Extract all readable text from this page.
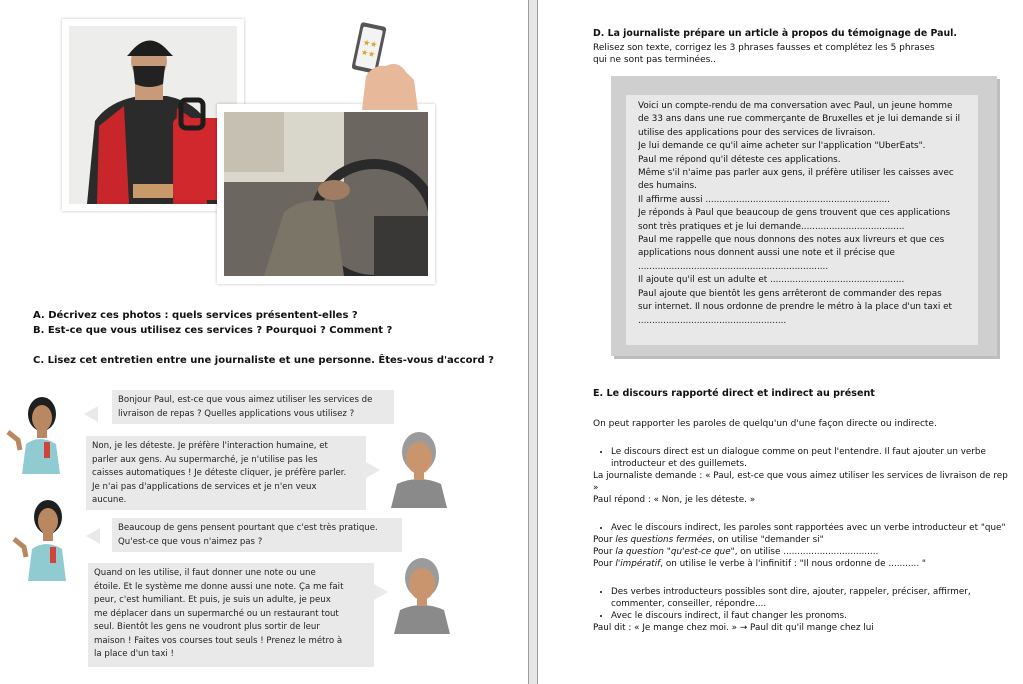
★★
★★
A. Décrivez ces photos : quels services présentent-elles ?
B. Est-ce que vous utilisez ces services ? Pourquoi ? Comment ?
C. Lisez cet entretien entre une journaliste et une personne. Êtes-vous d'accord ?
Bonjour Paul, est-ce que vous aimez utiliser les services de
livraison de repas ? Quelles applications vous utilisez ?
Non, je les déteste. Je préfère l'interaction humaine, et
parler aux gens. Au supermarché, je n'utilise pas les
caisses automatiques ! Je déteste cliquer, je préfère parler.
Je n'ai pas d'applications de services et je n'en veux
aucune.
Beaucoup de gens pensent pourtant que c'est très pratique.
Qu'est-ce que vous n'aimez pas ?
Quand on les utilise, il faut donner une note ou une
étoile. Et le système me donne aussi une note. Ça me fait
peur, c'est humiliant. Et puis, je suis un adulte, je peux
me déplacer dans un supermarché ou un restaurant tout
seul. Bientôt les gens ne voudront plus sortir de leur
maison ! Faites vos courses tout seuls ! Prenez le métro à
la place d'un taxi !
D. La journaliste prépare un article à propos du témoignage de Paul.
Relisez son texte, corrigez les 3 phrases fausses et complétez les 5 phrases
qui ne sont pas terminées..
Voici un compte-rendu de ma conversation avec Paul, un jeune homme
de 33 ans dans une rue commerçante de Bruxelles et je lui demande si il
utilise des applications pour des services de livraison.
Je lui demande ce qu'il aime acheter sur l'application "UberEats".
Paul me répond qu'il déteste ces applications.
Même s'il n'aime pas parler aux gens, il préfère utiliser les caisses avec
des humains.
Il affirme aussi ..................................................................
Je réponds à Paul que beaucoup de gens trouvent que ces applications
sont très pratiques et je lui demande.....................................
Paul me rappelle que nous donnons des notes aux livreurs et que ces
applications nous donnent aussi une note et il précise que
....................................................................
Il ajoute qu'il est un adulte et ................................................
Paul ajoute que bientôt les gens arrêteront de commander des repas
sur internet. Il nous ordonne de prendre le métro à la place d'un taxi et
.....................................................
E. Le discours rapporté direct et indirect au présent
On peut rapporter les paroles de quelqu'un d'une façon directe ou indirecte.
• Le discours direct est un dialogue comme on peut l'entendre. Il faut ajouter un verbe
introducteur et des guillemets.
La journaliste demande : « Paul, est-ce que vous aimez utiliser les services de livraison de rep
»
Paul répond : « Non, je les déteste. »
• Avec le discours indirect, les paroles sont rapportées avec un verbe introducteur et "que"
Pour les questions fermées, on utilise "demander si"
Pour la question "qu'est-ce que", on utilise ..................................
Pour l'impératif, on utilise le verbe à l'infinitif : "Il nous ordonne de ........... "
• Des verbes introducteurs possibles sont dire, ajouter, rappeler, préciser, affirmer,
commenter, conseiller, répondre....
• Avec le discours indirect, il faut changer les pronoms.
Paul dit : « Je mange chez moi. » → Paul dit qu'il mange chez lui
